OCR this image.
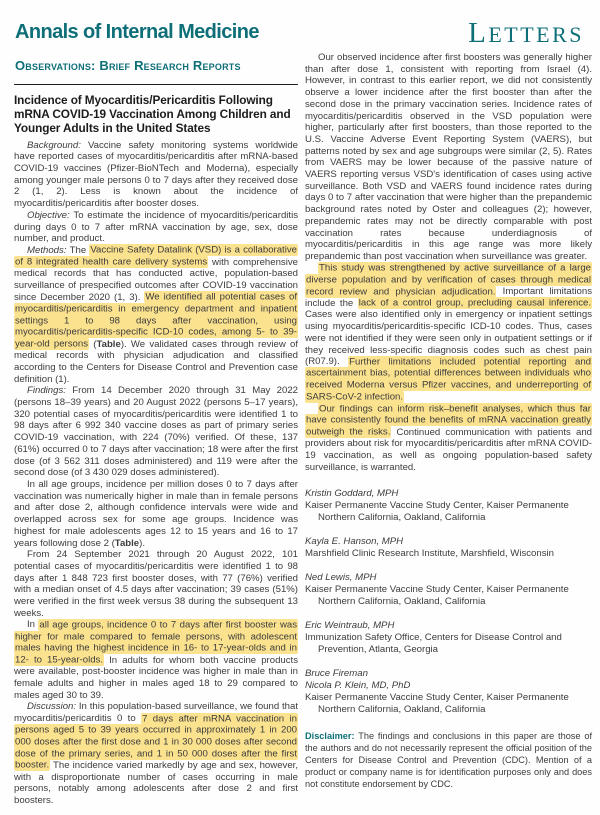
Annals of Internal Medicine	LETTERS
Observations: Brief Research Reports
Incidence of Myocarditis/Pericarditis Following mRNA COVID-19 Vaccination Among Children and Younger Adults in the United States

Background: Vaccine safety monitoring systems worldwide have reported cases of myocarditis/pericarditis after mRNA-based COVID-19 vaccines (Pfizer-BioNTech and Moderna), especially among younger male persons 0 to 7 days after they received dose 2 (1, 2). Less is known about the incidence of myocarditis/pericarditis after booster doses.

Objective: To estimate the incidence of myocarditis/pericarditis during days 0 to 7 after mRNA vaccination by age, sex, dose number, and product.

Methods: The Vaccine Safety Datalink (VSD) is a collaborative of 8 integrated health care delivery systems with comprehensive medical records that has conducted active, population-based surveillance of prespecified outcomes after COVID-19 vaccination since December 2020 (1, 3). We identified all potential cases of myocarditis/pericarditis in emergency department and inpatient settings 1 to 98 days after vaccination, using myocarditis/pericarditis-specific ICD-10 codes, among 5- to 39-year-old persons (Table). We validated cases through review of medical records with physician adjudication and classified according to the Centers for Disease Control and Prevention case definition (1).

Findings: From 14 December 2020 through 31 May 2022 (persons 18–39 years) and 20 August 2022 (persons 5–17 years), 320 potential cases of myocarditis/pericarditis were identified 1 to 98 days after 6 992 340 vaccine doses as part of primary series COVID-19 vaccination, with 224 (70%) verified. Of these, 137 (61%) occurred 0 to 7 days after vaccination; 18 were after the first dose (of 3 562 311 doses administered) and 119 were after the second dose (of 3 430 029 doses administered).

In all age groups, incidence per million doses 0 to 7 days after vaccination was numerically higher in male than in female persons and after dose 2, although confidence intervals were wide and overlapped across sex for some age groups. Incidence was highest for male adolescents ages 12 to 15 years and 16 to 17 years following dose 2 (Table).

From 24 September 2021 through 20 August 2022, 101 potential cases of myocarditis/pericarditis were identified 1 to 98 days after 1 848 723 first booster doses, with 77 (76%) verified with a median onset of 4.5 days after vaccination; 39 cases (51%) were verified in the first week versus 38 during the subsequent 13 weeks.

In all age groups, incidence 0 to 7 days after first booster was higher for male compared to female persons, with adolescent males having the highest incidence in 16- to 17-year-olds and in 12- to 15-year-olds. In adults for whom both vaccine products were available, post-booster incidence was higher in male than in female adults and higher in males aged 18 to 29 compared to males aged 30 to 39.

Discussion: In this population-based surveillance, we found that myocarditis/pericarditis 0 to 7 days after mRNA vaccination in persons aged 5 to 39 years occurred in approximately 1 in 200 000 doses after the first dose and 1 in 30 000 doses after second dose of the primary series, and 1 in 50 000 doses after the first booster. The incidence varied markedly by age and sex, however, with a disproportionate number of cases occurring in male persons, notably among adolescents after dose 2 and first boosters.

Our observed incidence after first boosters was generally higher than after dose 1, consistent with reporting from Israel (4). However, in contrast to this earlier report, we did not consistently observe a lower incidence after the first booster than after the second dose in the primary vaccination series. Incidence rates of myocarditis/pericarditis observed in the VSD population were higher, particularly after first boosters, than those reported to the U.S. Vaccine Adverse Event Reporting System (VAERS), but patterns noted by sex and age subgroups were similar (2, 5). Rates from VAERS may be lower because of the passive nature of VAERS reporting versus VSD's identification of cases using active surveillance. Both VSD and VAERS found incidence rates during days 0 to 7 after vaccination that were higher than the prepandemic background rates noted by Oster and colleagues (2); however, prepandemic rates may not be directly comparable with post vaccination rates because underdiagnosis of myocarditis/pericarditis in this age range was more likely prepandemic than post vaccination when surveillance was greater.

This study was strengthened by active surveillance of a large diverse population and by verification of cases through medical record review and physician adjudication. Important limitations include the lack of a control group, precluding causal inference. Cases were also identified only in emergency or inpatient settings using myocarditis/pericarditis-specific ICD-10 codes. Thus, cases were not identified if they were seen only in outpatient settings or if they received less-specific diagnosis codes such as chest pain (R07.9). Further limitations included potential reporting and ascertainment bias, potential differences between individuals who received Moderna versus Pfizer vaccines, and underreporting of SARS-CoV-2 infection.

Our findings can inform risk–benefit analyses, which thus far have consistently found the benefits of mRNA vaccination greatly outweigh the risks. Continued communication with patients and providers about risk for myocarditis/pericarditis after mRNA COVID-19 vaccination, as well as ongoing population-based safety surveillance, is warranted.

Kristin Goddard, MPH
Kaiser Permanente Vaccine Study Center, Kaiser Permanente Northern California, Oakland, California
Kayla E. Hanson, MPH
Marshfield Clinic Research Institute, Marshfield, Wisconsin
Ned Lewis, MPH
Kaiser Permanente Vaccine Study Center, Kaiser Permanente Northern California, Oakland, California
Eric Weintraub, MPH
Immunization Safety Office, Centers for Disease Control and Prevention, Atlanta, Georgia
Bruce Fireman
Nicola P. Klein, MD, PhD
Kaiser Permanente Vaccine Study Center, Kaiser Permanente Northern California, Oakland, California

Disclaimer: The findings and conclusions in this paper are those of the authors and do not necessarily represent the official position of the Centers for Disease Control and Prevention (CDC). Mention of a product or company name is for identification purposes only and does not constitute endorsement by CDC.
